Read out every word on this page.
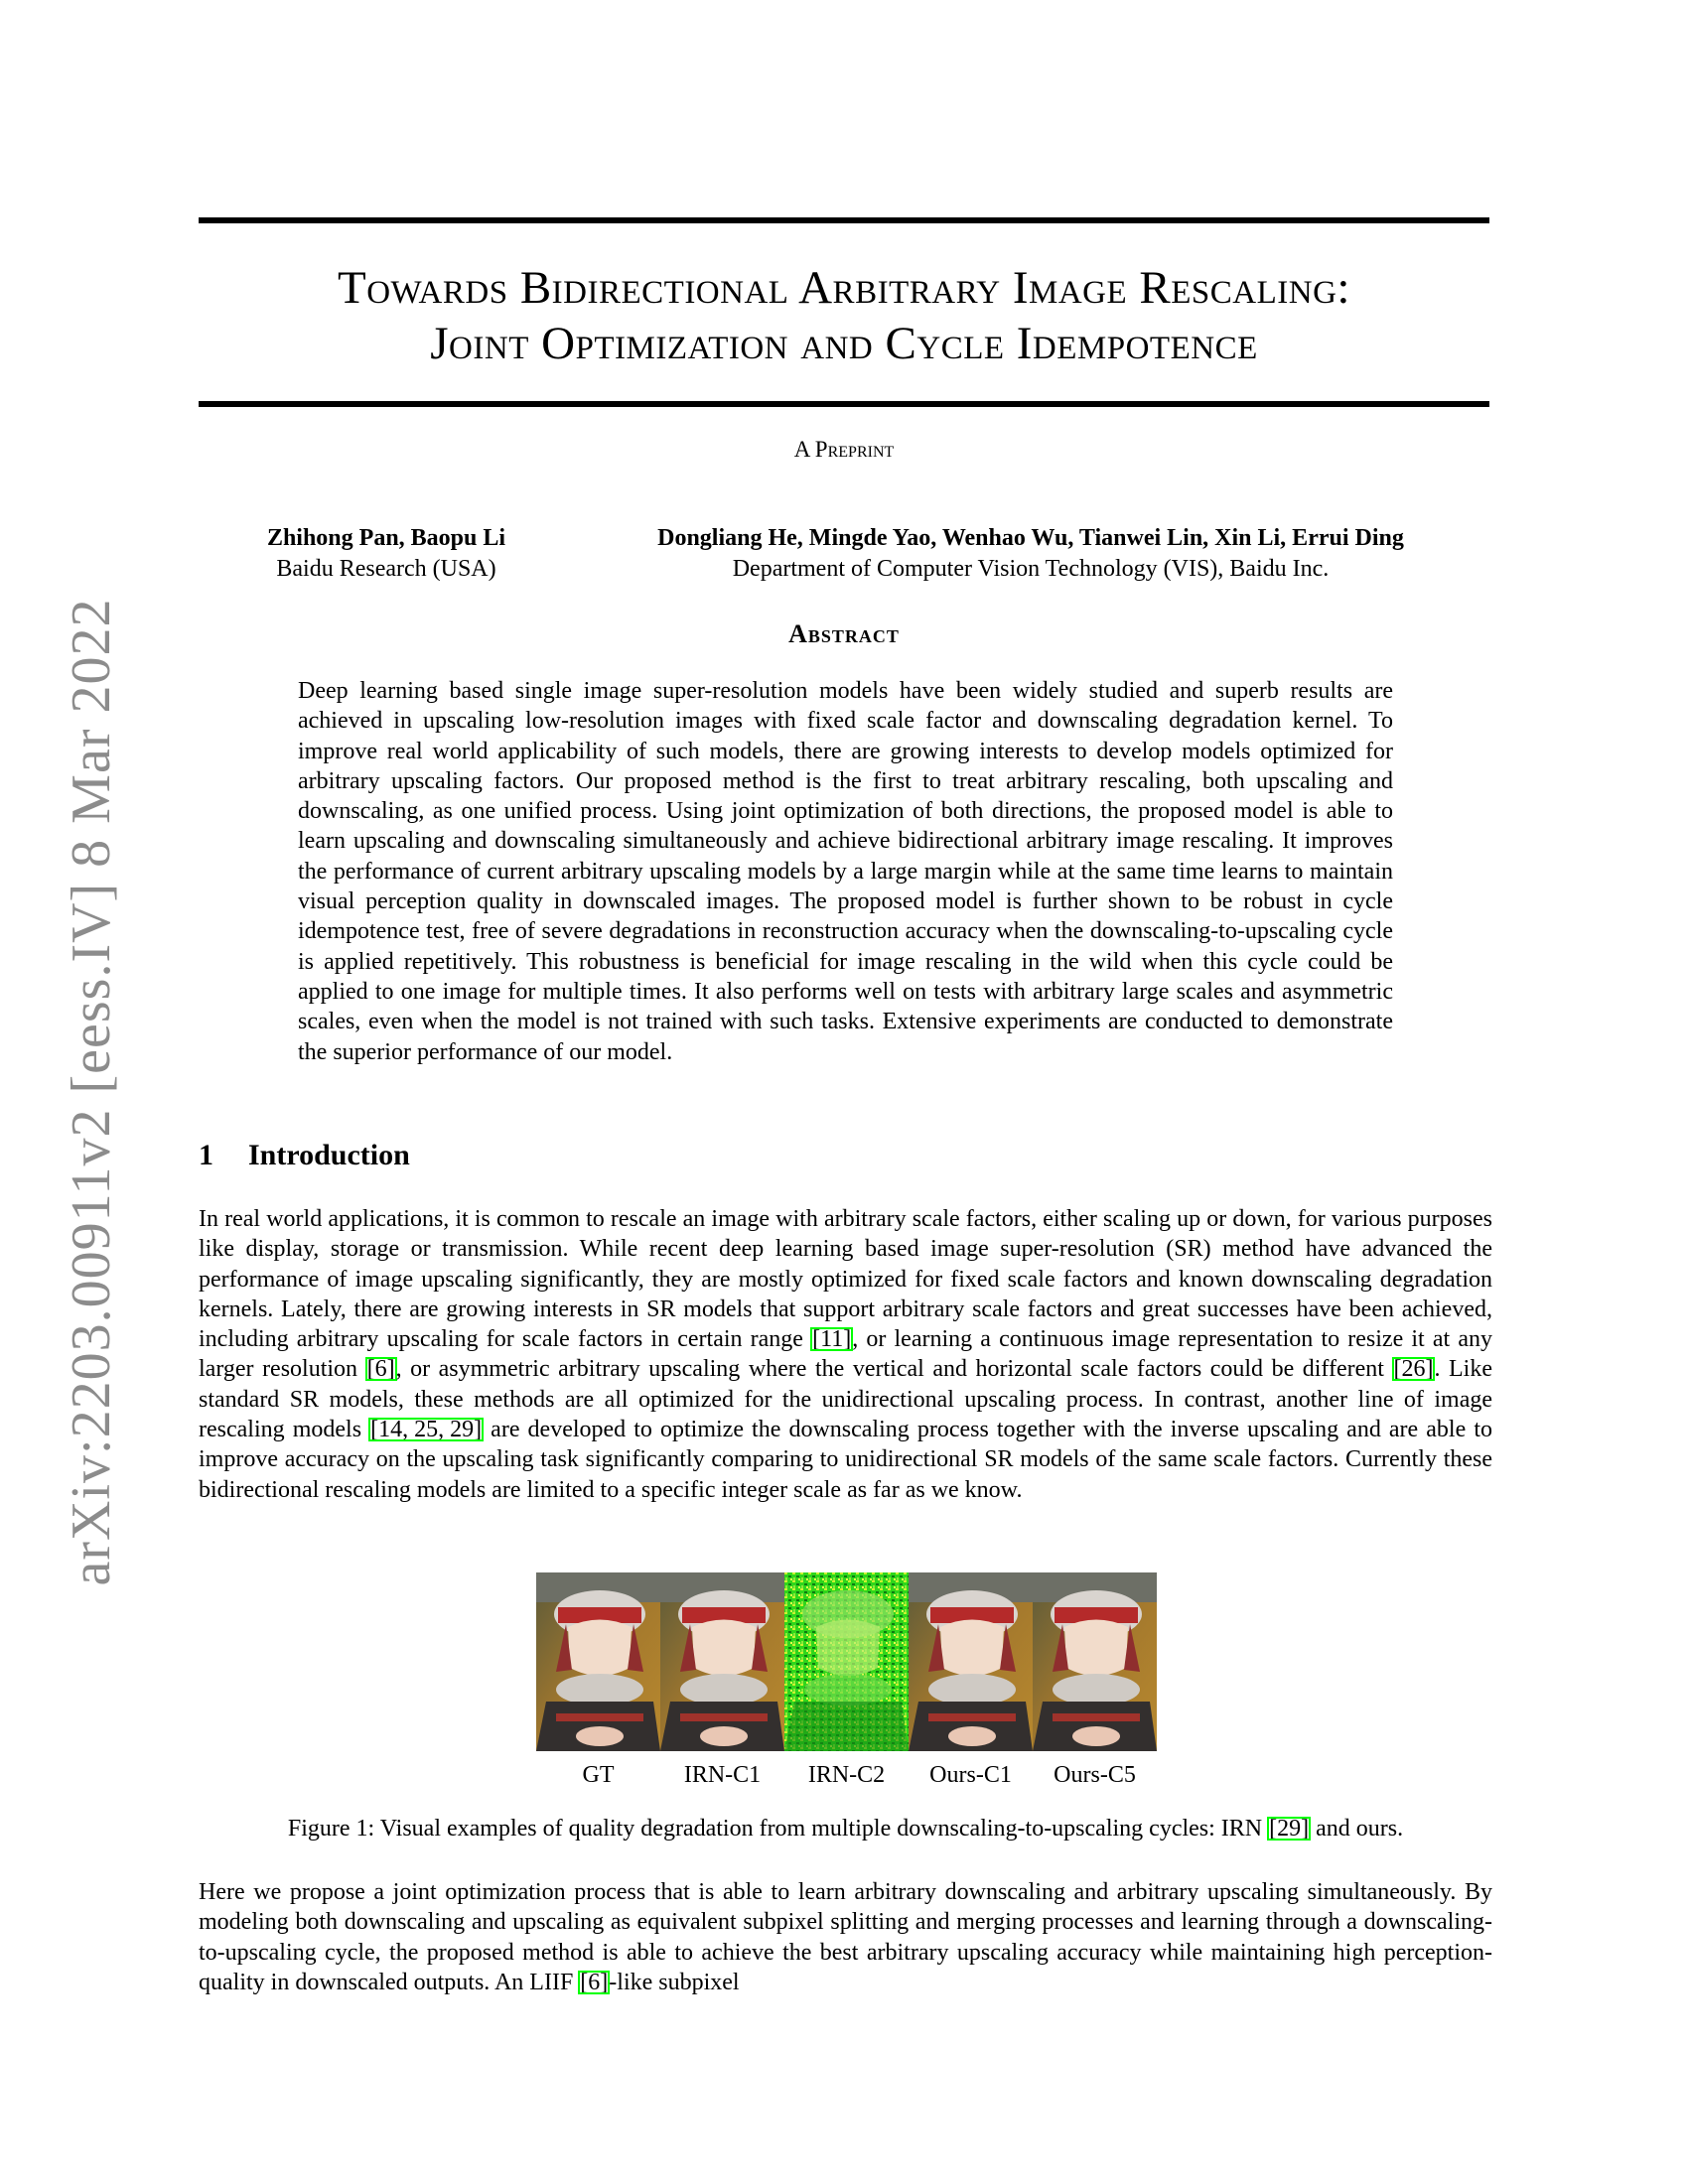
arXiv:2203.00911v2 [eess.IV] 8 Mar 2022
Towards Bidirectional Arbitrary Image Rescaling:
Joint Optimization and Cycle Idempotence
A Preprint
Zhihong Pan, Baopu Li
Baidu Research (USA)
Dongliang He, Mingde Yao, Wenhao Wu, Tianwei Lin, Xin Li, Errui Ding
Department of Computer Vision Technology (VIS), Baidu Inc.
Abstract
Deep learning based single image super-resolution models have been widely studied and superb results are achieved in upscaling low-resolution images with fixed scale factor and downscaling degradation kernel. To improve real world applicability of such models, there are growing interests to develop models optimized for arbitrary upscaling factors. Our proposed method is the first to treat arbitrary rescaling, both upscaling and downscaling, as one unified process. Using joint optimization of both directions, the proposed model is able to learn upscaling and downscaling simultaneously and achieve bidirectional arbitrary image rescaling. It improves the performance of current arbitrary upscaling models by a large margin while at the same time learns to maintain visual perception quality in downscaled images. The proposed model is further shown to be robust in cycle idempotence test, free of severe degradations in reconstruction accuracy when the downscaling-to-upscaling cycle is applied repetitively. This robustness is beneficial for image rescaling in the wild when this cycle could be applied to one image for multiple times. It also performs well on tests with arbitrary large scales and asymmetric scales, even when the model is not trained with such tasks. Extensive experiments are conducted to demonstrate the superior performance of our model.
1 Introduction
In real world applications, it is common to rescale an image with arbitrary scale factors, either scaling up or down, for various purposes like display, storage or transmission. While recent deep learning based image super-resolution (SR) method have advanced the performance of image upscaling significantly, they are mostly optimized for fixed scale factors and known downscaling degradation kernels. Lately, there are growing interests in SR models that support arbitrary scale factors and great successes have been achieved, including arbitrary upscaling for scale factors in certain range [11], or learning a continuous image representation to resize it at any larger resolution [6], or asymmetric arbitrary upscaling where the vertical and horizontal scale factors could be different [26]. Like standard SR models, these methods are all optimized for the unidirectional upscaling process. In contrast, another line of image rescaling models [14, 25, 29] are developed to optimize the downscaling process together with the inverse upscaling and are able to improve accuracy on the upscaling task significantly comparing to unidirectional SR models of the same scale factors. Currently these bidirectional rescaling models are limited to a specific integer scale as far as we know.
GT	IRN-C1	IRN-C2	Ours-C1	Ours-C5
Figure 1: Visual examples of quality degradation from multiple downscaling-to-upscaling cycles: IRN [29] and ours.
Here we propose a joint optimization process that is able to learn arbitrary downscaling and arbitrary upscaling simultaneously. By modeling both downscaling and upscaling as equivalent subpixel splitting and merging processes and learning through a downscaling-to-upscaling cycle, the proposed method is able to achieve the best arbitrary upscaling accuracy while maintaining high perception-quality in downscaled outputs. An LIIF [6]-like subpixel
